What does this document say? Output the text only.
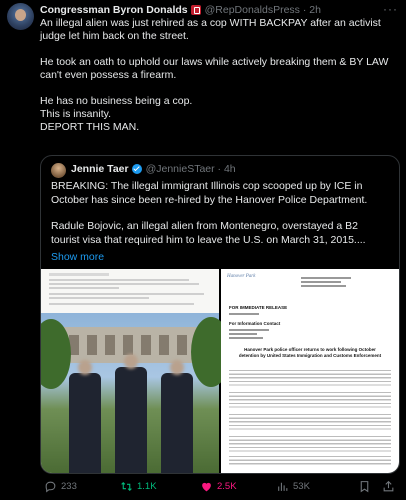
Congressman Byron Donalds @RepDonaldsPress · 2h	···

An illegal alien was just rehired as a cop WITH BACKPAY after an activist

judge let him back on the street.

He took an oath to uphold our laws while actively breaking them & BY LAW

can't even possess a firearm.

He has no business being a cop.

This is insanity.

DEPORT THIS MAN.

Jennie Taer @JennieSTaer · 4h

BREAKING: The illegal immigrant Illinois cop scooped up by ICE in

October has since been re-hired by the Hanover Police Department.

Radule Bojovic, an illegal alien from Montenegro, overstayed a B2

tourist visa that required him to leave the U.S. on March 31, 2015....

Show more
Hanover Park
FOR IMMEDIATE RELEASE
For Information Contact
Hanover Park police officer returns to work following October detention by United States Immigration and Customs Enforcement
233	1.1K	2.5K	53K
